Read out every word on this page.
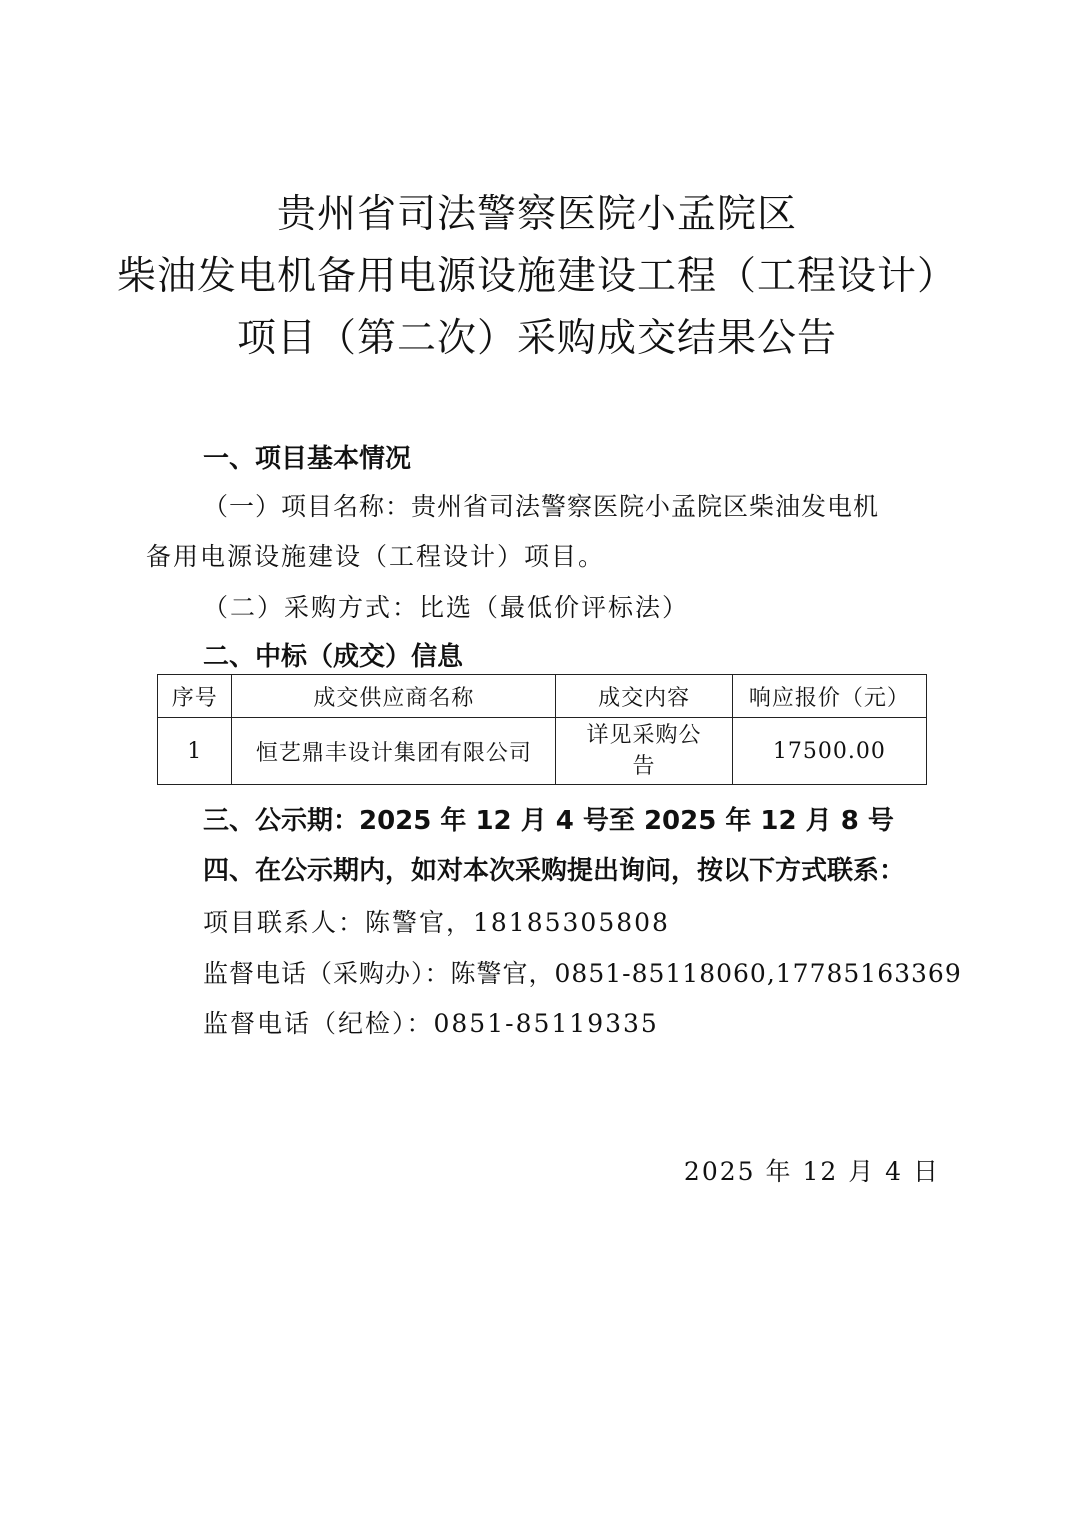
贵州省司法警察医院小孟院区
柴油发电机备用电源设施建设工程（工程设计）
项目（第二次）采购成交结果公告
一、项目基本情况
（一）项目名称：贵州省司法警察医院小孟院区柴油发电机
备用电源设施建设（工程设计）项目。
（二）采购方式：比选（最低价评标法）
二、中标（成交）信息
序号	成交供应商名称	成交内容	响应报价（元）
1	恒艺鼎丰设计集团有限公司	详见采购公告	17500.00
三、公示期：2025 年 12 月 4 号至 2025 年 12 月 8 号
四、在公示期内，如对本次采购提出询问，按以下方式联系：
项目联系人：陈警官，18185305808
监督电话（采购办）：陈警官，0851-85118060,17785163369
监督电话（纪检）：0851-85119335
2025 年 12 月 4 日
